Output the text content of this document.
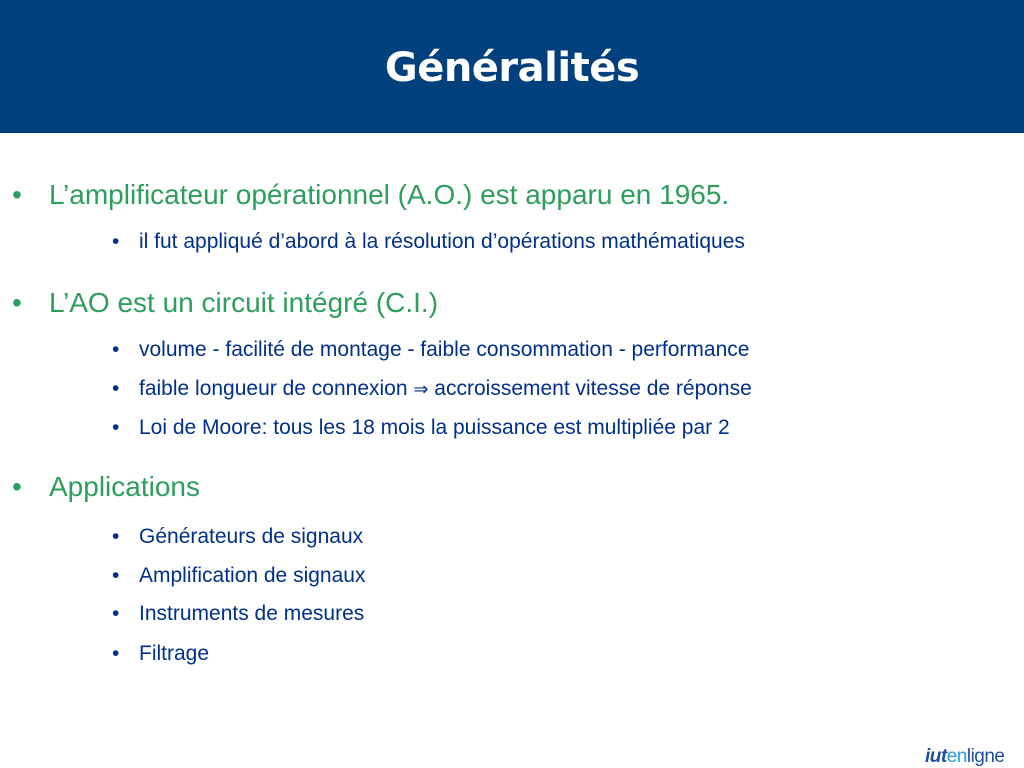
Généralités
• L’amplificateur opérationnel (A.O.) est apparu en 1965.
• il fut appliqué d’abord à la résolution d’opérations mathématiques
• L’AO est un circuit intégré (C.I.)
• volume - facilité de montage - faible consommation - performance
• faible longueur de connexion ⇒ accroissement vitesse de réponse
• Loi de Moore: tous les 18 mois la puissance est multipliée par 2
• Applications
• Générateurs de signaux
• Amplification de signaux
• Instruments de mesures
• Filtrage
iutenligne
